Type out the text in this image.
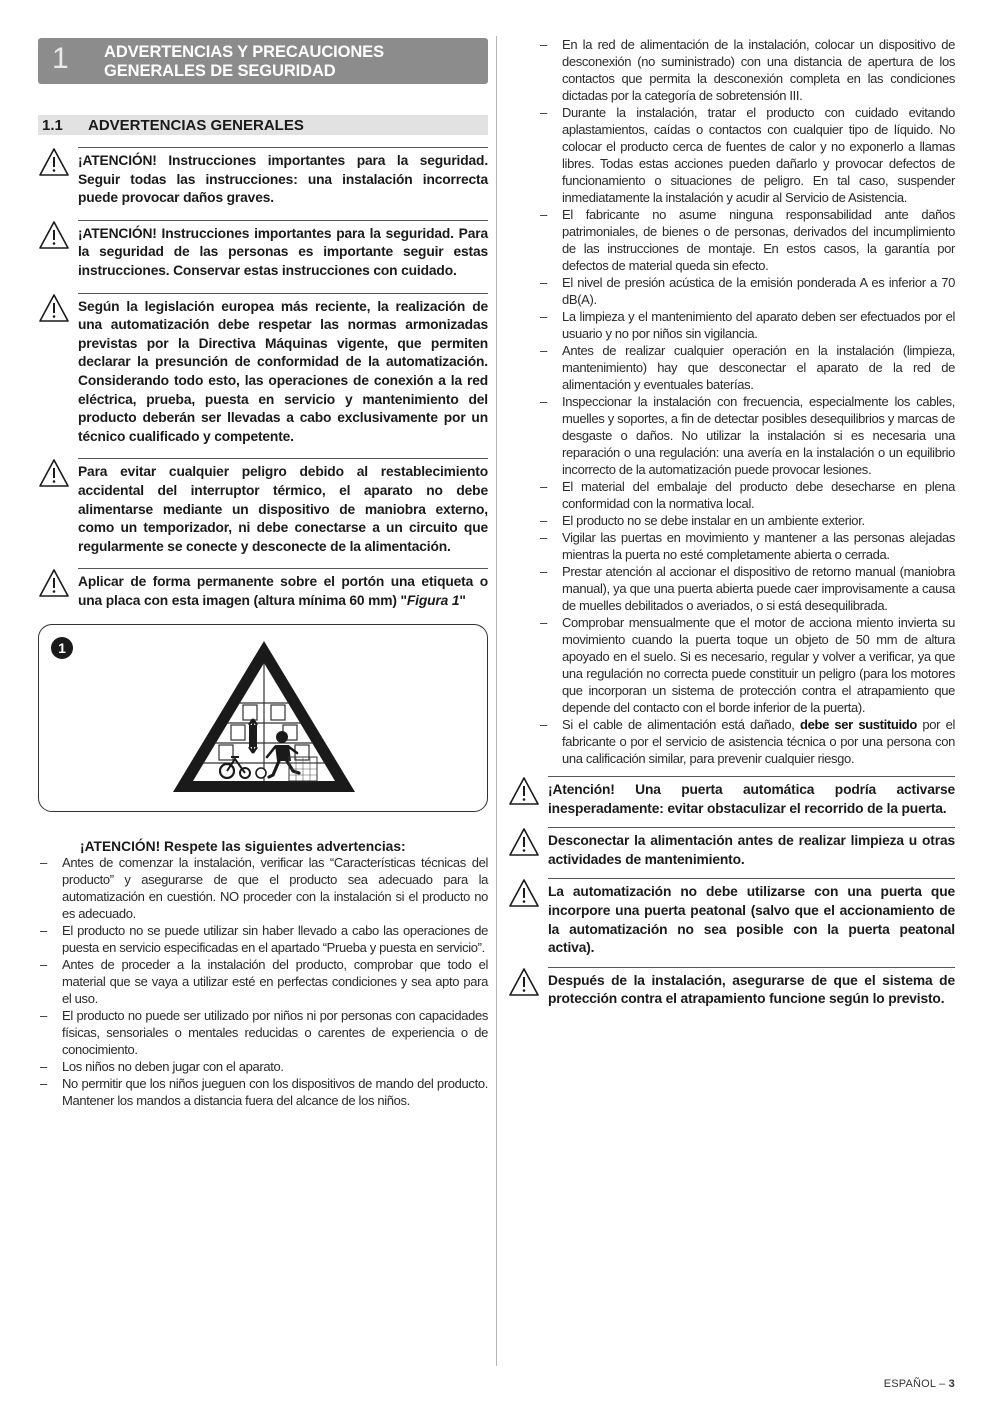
1 ADVERTENCIAS Y PRECAUCIONES
GENERALES DE SEGURIDAD
1.1	ADVERTENCIAS GENERALES
¡ATENCIÓN! Instrucciones importantes para la seguridad. Seguir todas las instrucciones: una instalación incorrecta puede provocar daños graves.
¡ATENCIÓN! Instrucciones importantes para la seguridad. Para la seguridad de las personas es importante seguir estas instrucciones. Conservar estas instrucciones con cuidado.
Según la legislación europea más reciente, la realización de una automatización debe respetar las normas armonizadas previstas por la Directiva Máquinas vigente, que permiten declarar la presunción de conformidad de la automatización. Considerando todo esto, las operaciones de conexión a la red eléctrica, prueba, puesta en servicio y mantenimiento del producto deberán ser llevadas a cabo exclusivamente por un técnico cualificado y competente.
Para evitar cualquier peligro debido al restablecimiento accidental del interruptor térmico, el aparato no debe alimentarse mediante un dispositivo de maniobra externo, como un temporizador, ni debe conectarse a un circuito que regularmente se conecte y desconecte de la alimentación.
Aplicar de forma permanente sobre el portón una etiqueta o una placa con esta imagen (altura mínima 60 mm) "Figura 1"
1
¡ATENCIÓN! Respete las siguientes advertencias:
– Antes de comenzar la instalación, verificar las “Características técnicas del producto” y asegurarse de que el producto sea adecuado para la automatización en cuestión. NO proceder con la instalación si el producto no es adecuado.
– El producto no se puede utilizar sin haber llevado a cabo las operaciones de puesta en servicio especificadas en el apartado “Prueba y puesta en servicio”.
– Antes de proceder a la instalación del producto, comprobar que todo el material que se vaya a utilizar esté en perfectas condiciones y sea apto para el uso.
– El producto no puede ser utilizado por niños ni por personas con capacidades físicas, sensoriales o mentales reducidas o carentes de experiencia o de conocimiento.
– Los niños no deben jugar con el aparato.
– No permitir que los niños jueguen con los dispositivos de mando del producto. Mantener los mandos a distancia fuera del alcance de los niños.
– En la red de alimentación de la instalación, colocar un dispositivo de desconexión (no suministrado) con una distancia de apertura de los contactos que permita la desconexión completa en las condiciones dictadas por la categoría de sobretensión III.
– Durante la instalación, tratar el producto con cuidado evitando aplastamientos, caídas o contactos con cualquier tipo de líquido. No colocar el producto cerca de fuentes de calor y no exponerlo a llamas libres. Todas estas acciones pueden dañarlo y provocar defectos de funcionamiento o situaciones de peligro. En tal caso, suspender inmediatamente la instalación y acudir al Servicio de Asistencia.
– El fabricante no asume ninguna responsabilidad ante daños patrimoniales, de bienes o de personas, derivados del incumplimiento de las instrucciones de montaje. En estos casos, la garantía por defectos de material queda sin efecto.
– El nivel de presión acústica de la emisión ponderada A es inferior a 70 dB(A).
– La limpieza y el mantenimiento del aparato deben ser efectuados por el usuario y no por niños sin vigilancia.
– Antes de realizar cualquier operación en la instalación (limpieza, mantenimiento) hay que desconectar el aparato de la red de alimentación y eventuales baterías.
– Inspeccionar la instalación con frecuencia, especialmente los cables, muelles y soportes, a fin de detectar posibles desequilibrios y marcas de desgaste o daños. No utilizar la instalación si es necesaria una reparación o una regulación: una avería en la instalación o un equilibrio incorrecto de la automatización puede provocar lesiones.
– El material del embalaje del producto debe desecharse en plena conformidad con la normativa local.
– El producto no se debe instalar en un ambiente exterior.
– Vigilar las puertas en movimiento y mantener a las personas alejadas mientras la puerta no esté completamente abierta o cerrada.
– Prestar atención al accionar el dispositivo de retorno manual (maniobra manual), ya que una puerta abierta puede caer improvisamente a causa de muelles debilitados o averiados, o si está desequilibrada.
– Comprobar mensualmente que el motor de acciona miento invierta su movimiento cuando la puerta toque un objeto de 50 mm de altura apoyado en el suelo. Si es necesario, regular y volver a verificar, ya que una regulación no correcta puede constituir un peligro (para los motores que incorporan un sistema de protección contra el atrapamiento que depende del contacto con el borde inferior de la puerta).
– Si el cable de alimentación está dañado, debe ser sustituido por el fabricante o por el servicio de asistencia técnica o por una persona con una calificación similar, para prevenir cualquier riesgo.
¡Atención! Una puerta automática podría activarse inesperadamente: evitar obstaculizar el recorrido de la puerta.
Desconectar la alimentación antes de realizar limpieza u otras actividades de mantenimiento.
La automatización no debe utilizarse con una puerta que incorpore una puerta peatonal (salvo que el accionamiento de la automatización no sea posible con la puerta peatonal activa).
Después de la instalación, asegurarse de que el sistema de protección contra el atrapamiento funcione según lo previsto.
ESPAÑOL – 3
